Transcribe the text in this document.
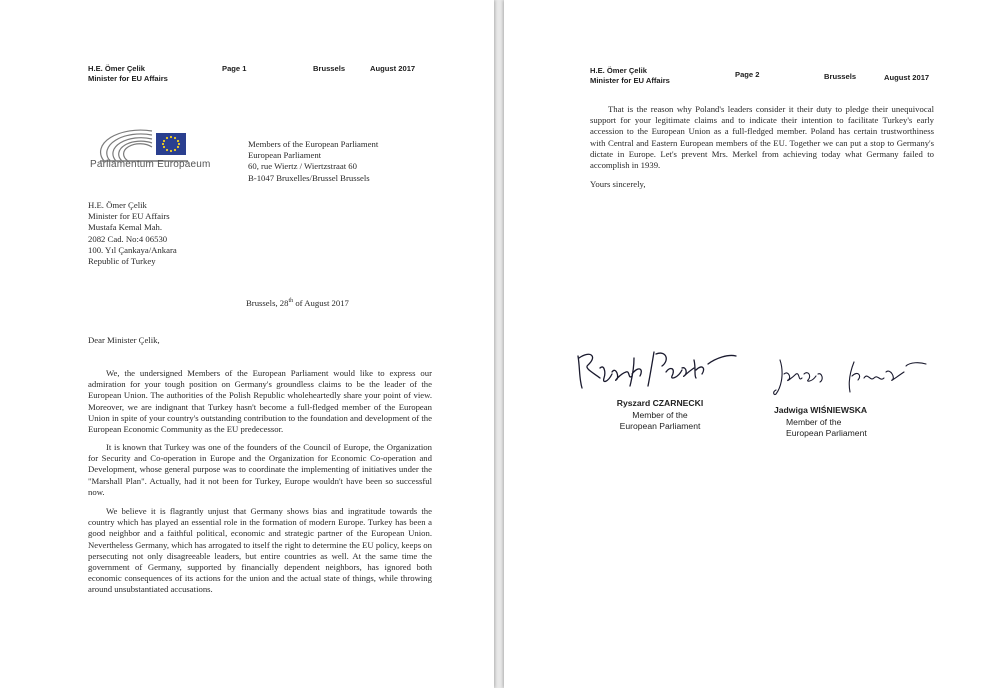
H.E. Ömer Çelik
Minister for EU Affairs
Page 1	Brussels	August 2017
Parliamentum Europaeum
Members of the European Parliament
European Parliament
60, rue Wiertz / Wiertzstraat 60
B-1047 Bruxelles/Brussel Brussels
H.E. Ömer Çelik
Minister for EU Affairs
Mustafa Kemal Mah.
2082 Cad. No:4 06530
100. Yıl Çankaya/Ankara
Republic of Turkey
Brussels, 28th of August 2017
Dear Minister Çelik,
We, the undersigned Members of the European Parliament would like to express our admiration for your tough position on Germany's groundless claims to be the leader of the European Union. The authorities of the Polish Republic wholeheartedly share your point of view. Moreover, we are indignant that Turkey hasn't become a full-fledged member of the European Union in spite of your country's outstanding contribution to the foundation and development of the European Economic Community as the EU predecessor.
It is known that Turkey was one of the founders of the Council of Europe, the Organization for Security and Co-operation in Europe and the Organization for Economic Co-operation and Development, whose general purpose was to coordinate the implementing of initiatives under the "Marshall Plan". Actually, had it not been for Turkey, Europe wouldn't have been so successful now.
We believe it is flagrantly unjust that Germany shows bias and ingratitude towards the country which has played an essential role in the formation of modern Europe. Turkey has been a good neighbor and a faithful political, economic and strategic partner of the European Union. Nevertheless Germany, which has arrogated to itself the right to determine the EU policy, keeps on persecuting not only disagreeable leaders, but entire countries as well. At the same time the government of Germany, supported by financially dependent neighbors, has ignored both economic consequences of its actions for the union and the actual state of things, while throwing around unsubstantiated accusations.
H.E. Ömer Çelik
Minister for EU Affairs
Page 2	Brussels	August 2017
That is the reason why Poland's leaders consider it their duty to pledge their unequivocal support for your legitimate claims and to indicate their intention to facilitate Turkey's early accession to the European Union as a full-fledged member. Poland has certain trustworthiness with Central and Eastern European members of the EU. Together we can put a stop to Germany's dictate in Europe. Let's prevent Mrs. Merkel from achieving today what Germany failed to accomplish in 1939.
Yours sincerely,
Ryszard CZARNECKI
Member of the
European Parliament
Jadwiga WIŚNIEWSKA
Member of the
European Parliament
